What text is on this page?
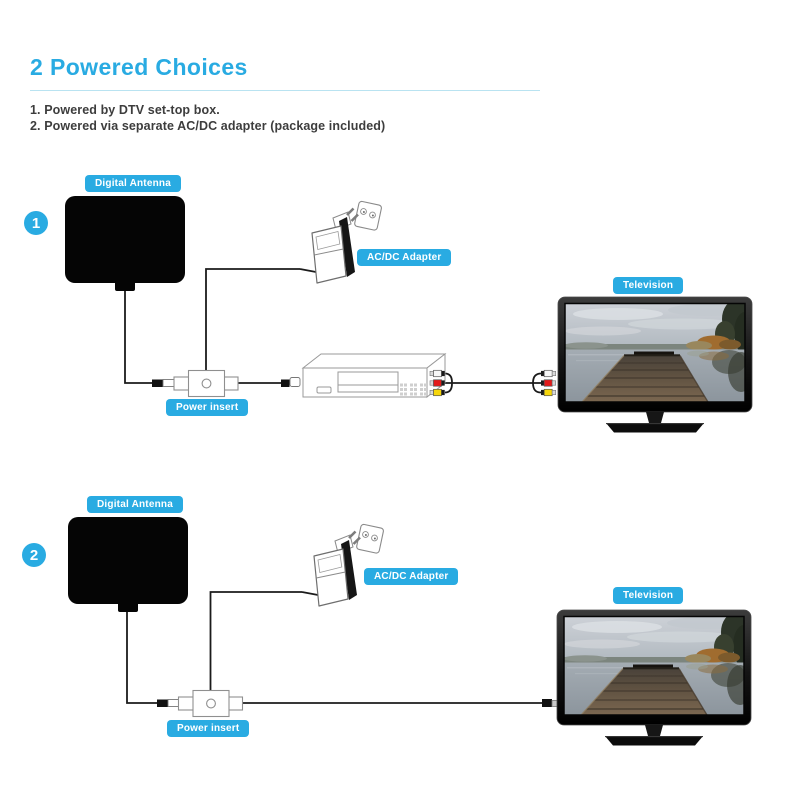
2 Powered Choices
1. Powered by DTV set-top box.
2. Powered via separate AC/DC adapter (package included)
1
Digital Antenna
AC/DC Adapter
Power insert
Television
2
Digital Antenna
AC/DC Adapter
Power insert
Television
